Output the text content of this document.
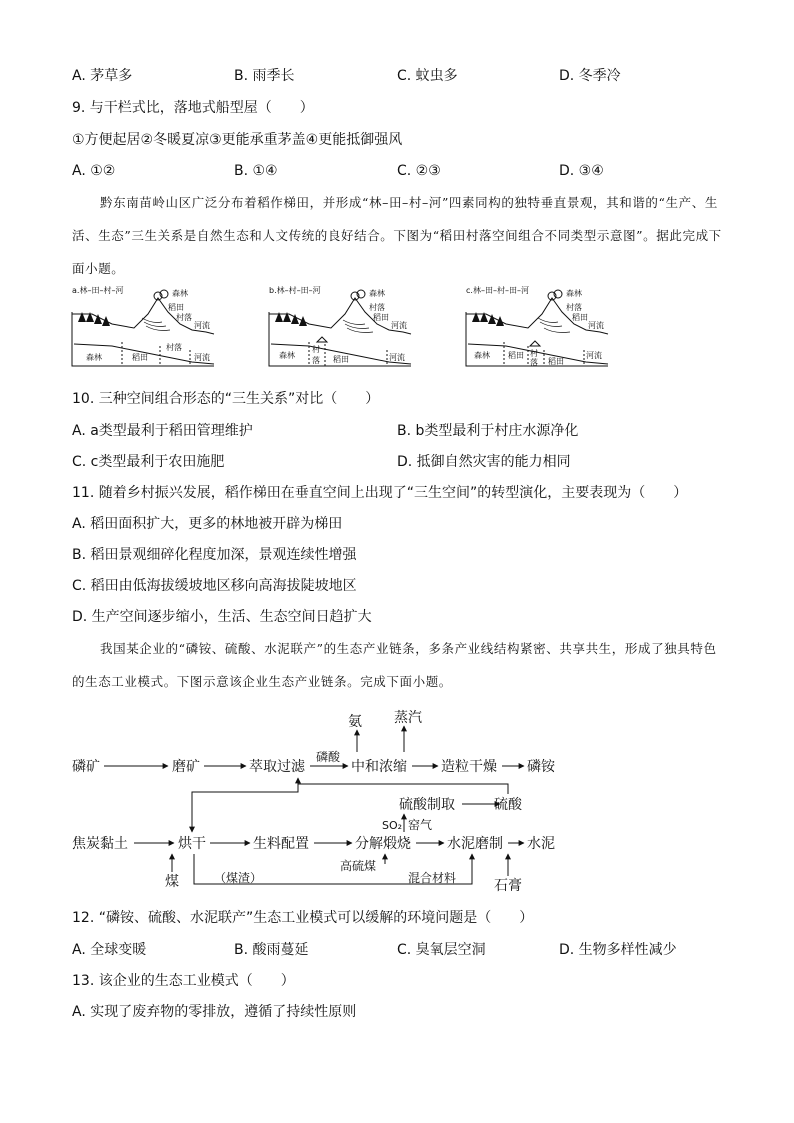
A. 茅草多	B. 雨季长	C. 蚊虫多	D. 冬季冷
9. 与干栏式比，落地式船型屋（　　）
①方便起居②冬暖夏凉③更能承重茅盖④更能抵御强风
A. ①②	B. ①④	C. ②③	D. ③④
黔东南苗岭山区广泛分布着稻作梯田，并形成“林–田–村–河”四素同构的独特垂直景观，其和谐的“生产、生活、生态”三生关系是自然生态和人文传统的良好结合。下图为“稻田村落空间组合不同类型示意图”。据此完成下面小题。
a.林–田–村–河	森林
稻田
村落
河流
森林	稻田
村落
河流
b.林–村–田–河	森林
村落
稻田
河流
森林
村
落 稻田	河流
c.林–田–村–田–河	森林
村落
稻田
河流
森林 稻田 村
落 稻田
河流
10. 三种空间组合形态的“三生关系”对比（　　）
A. a类型最利于稻田管理维护	B. b类型最利于村庄水源净化
C. c类型最利于农田施肥	D. 抵御自然灾害的能力相同
11. 随着乡村振兴发展，稻作梯田在垂直空间上出现了“三生空间”的转型演化，主要表现为（　　）
A. 稻田面积扩大，更多的林地被开辟为梯田
B. 稻田景观细碎化程度加深，景观连续性增强
C. 稻田由低海拔缓坡地区移向高海拔陡坡地区
D. 生产空间逐步缩小，生活、生态空间日趋扩大
我国某企业的“磷铵、硫酸、水泥联产”的生态产业链条，多条产业线结构紧密、共享共生，形成了独具特色的生态工业模式。下图示意该企业生态产业链条。完成下面小题。
磷矿	磨矿	萃取过滤
磷酸
中和浓缩 造粒干燥 磷铵
氨 蒸汽
硫酸制取	硫酸
焦炭黏土	烘干	生料配置	分解煅烧	水泥磨制 水泥
SO₂ 窑气
煤
高硫煤
石膏
（煤渣）	混合材料
12. “磷铵、硫酸、水泥联产”生态工业模式可以缓解的环境问题是（　　）
A. 全球变暖	B. 酸雨蔓延	C. 臭氧层空洞	D. 生物多样性减少
13. 该企业的生态工业模式（　　）
A. 实现了废弃物的零排放，遵循了持续性原则
